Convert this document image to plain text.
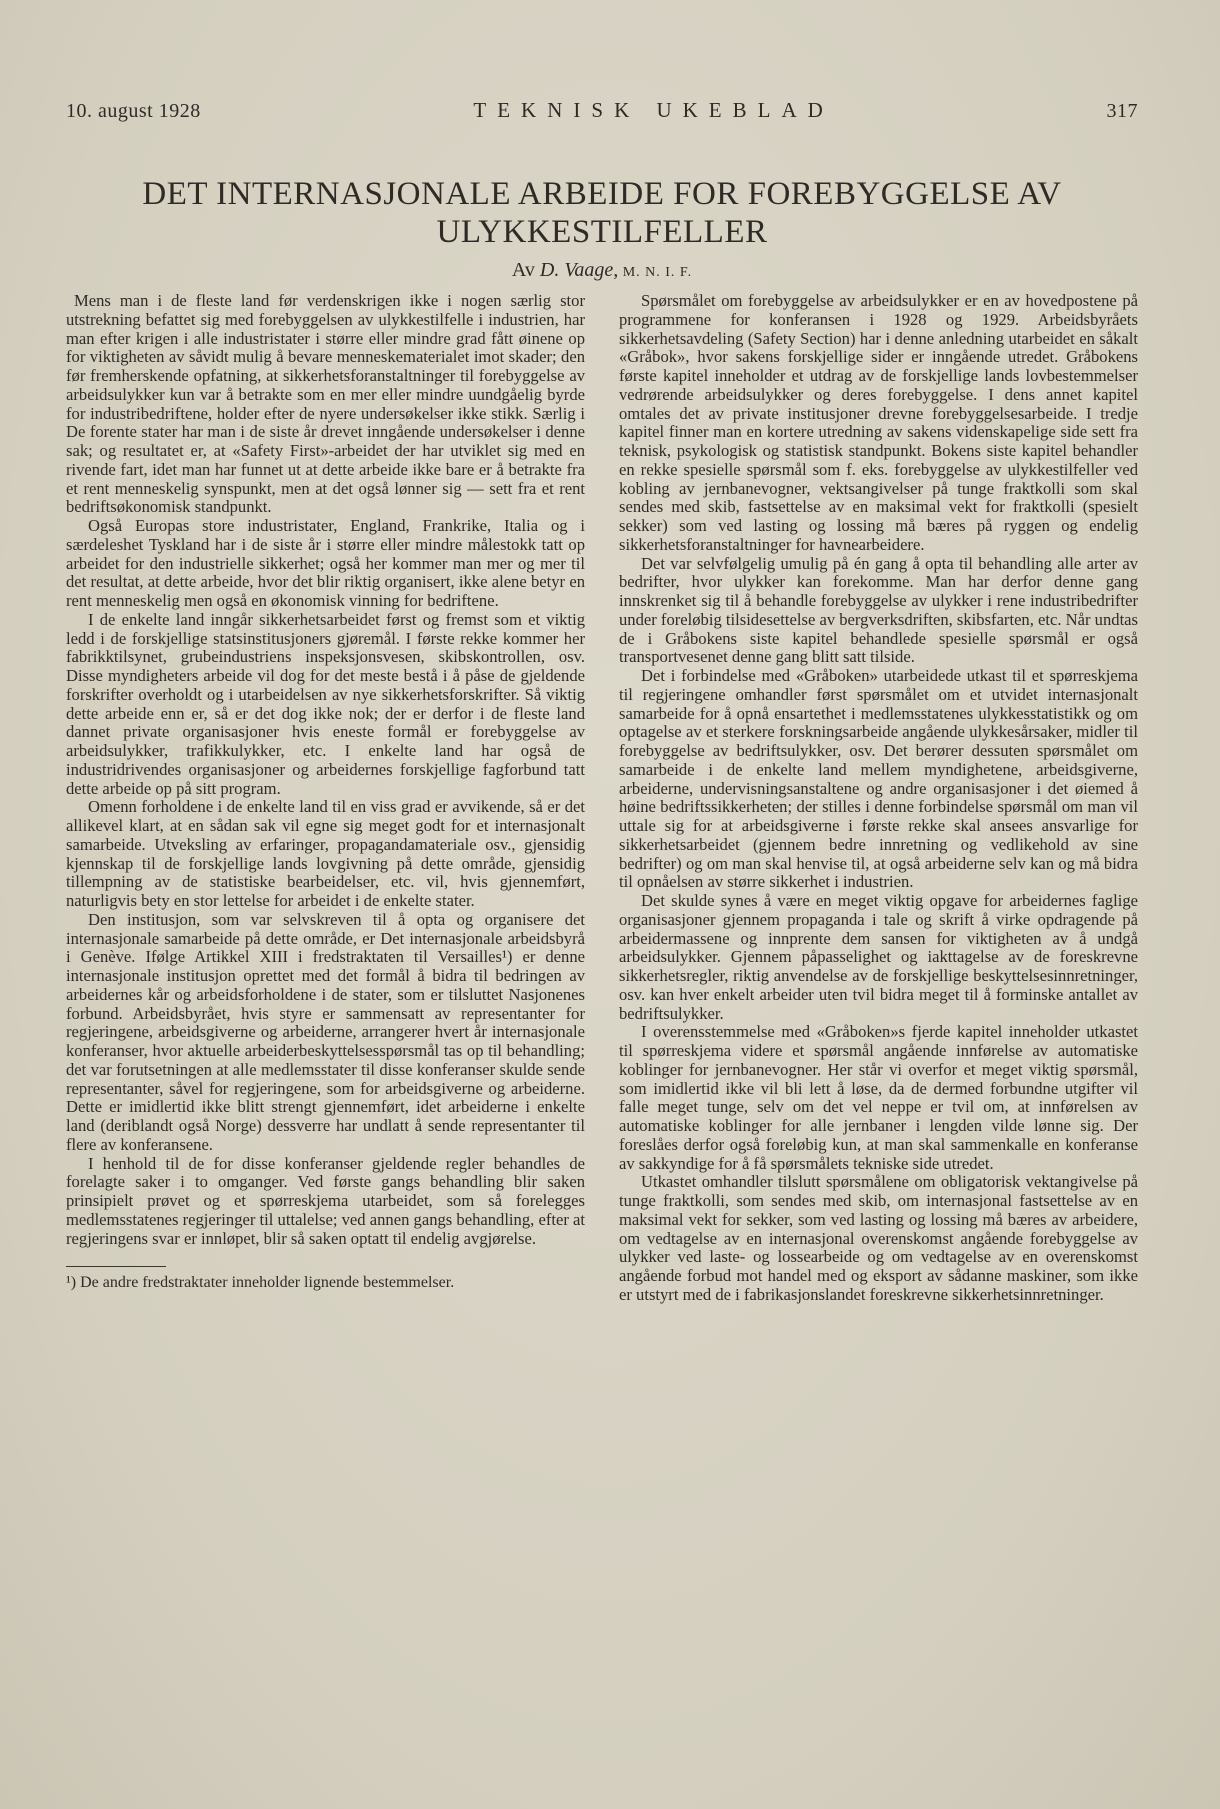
10. august 1928	TEKNISK UKEBLAD	317
DET INTERNASJONALE ARBEIDE FOR FOREBYGGELSE AV
ULYKKESTILFELLER
Av D. Vaage, M. N. I. F.

Mens man i de fleste land før verdenskrigen ikke i nogen særlig stor utstrekning befattet sig med forebyggelsen av ulykkestilfelle i industrien, har man efter krigen i alle industristater i større eller mindre grad fått øinene op for viktigheten av såvidt mulig å bevare menneskematerialet imot skader; den før fremherskende opfatning, at sikkerhetsforanstaltninger til forebyggelse av arbeidsulykker kun var å betrakte som en mer eller mindre uundgåelig byrde for industribedriftene, holder efter de nyere undersøkelser ikke stikk. Særlig i De forente stater har man i de siste år drevet inngående undersøkelser i denne sak; og resultatet er, at «Safety First»-arbeidet der har utviklet sig med en rivende fart, idet man har funnet ut at dette arbeide ikke bare er å betrakte fra et rent menneskelig synspunkt, men at det også lønner sig — sett fra et rent bedriftsøkonomisk standpunkt.

Også Europas store industristater, England, Frankrike, Italia og i særdeleshet Tyskland har i de siste år i større eller mindre målestokk tatt op arbeidet for den industrielle sikkerhet; også her kommer man mer og mer til det resultat, at dette arbeide, hvor det blir riktig organisert, ikke alene betyr en rent menneskelig men også en økonomisk vinning for bedriftene.

I de enkelte land inngår sikkerhetsarbeidet først og fremst som et viktig ledd i de forskjellige statsinstitusjoners gjøremål. I første rekke kommer her fabrikktilsynet, grubeindustriens inspeksjonsvesen, skibskontrollen, osv. Disse myndigheters arbeide vil dog for det meste bestå i å påse de gjeldende forskrifter overholdt og i utarbeidelsen av nye sikkerhetsforskrifter. Så viktig dette arbeide enn er, så er det dog ikke nok; der er derfor i de fleste land dannet private organisasjoner hvis eneste formål er forebyggelse av arbeidsulykker, trafikkulykker, etc. I enkelte land har også de industridrivendes organisasjoner og arbeidernes forskjellige fagforbund tatt dette arbeide op på sitt program.

Omenn forholdene i de enkelte land til en viss grad er avvikende, så er det allikevel klart, at en sådan sak vil egne sig meget godt for et internasjonalt samarbeide. Utveksling av erfaringer, propagandamateriale osv., gjensidig kjennskap til de forskjellige lands lovgivning på dette område, gjensidig tillempning av de statistiske bearbeidelser, etc. vil, hvis gjennemført, naturligvis bety en stor lettelse for arbeidet i de enkelte stater.

Den institusjon, som var selvskreven til å opta og organisere det internasjonale samarbeide på dette område, er Det internasjonale arbeidsbyrå i Genève. Ifølge Artikkel XIII i fredstraktaten til Versailles¹) er denne internasjonale institusjon oprettet med det formål å bidra til bedringen av arbeidernes kår og arbeidsforholdene i de stater, som er tilsluttet Nasjonenes forbund. Arbeidsbyrået, hvis styre er sammensatt av representanter for regjeringene, arbeidsgiverne og arbeiderne, arrangerer hvert år internasjonale konferanser, hvor aktuelle arbeiderbeskyttelsesspørsmål tas op til behandling; det var forutsetningen at alle medlemsstater til disse konferanser skulde sende representanter, såvel for regjeringene, som for arbeidsgiverne og arbeiderne. Dette er imidlertid ikke blitt strengt gjennemført, idet arbeiderne i enkelte land (deriblandt også Norge) dessverre har undlatt å sende representanter til flere av konferansene.

I henhold til de for disse konferanser gjeldende regler behandles de forelagte saker i to omganger. Ved første gangs behandling blir saken prinsipielt prøvet og et spørreskjema utarbeidet, som så forelegges medlemsstatenes regjeringer til uttalelse; ved annen gangs behandling, efter at regjeringens svar er innløpet, blir så saken optatt til endelig avgjørelse.

¹) De andre fredstraktater inneholder lignende bestemmelser.

Spørsmålet om forebyggelse av arbeidsulykker er en av hovedpostene på programmene for konferansen i 1928 og 1929. Arbeidsbyråets sikkerhetsavdeling (Safety Section) har i denne anledning utarbeidet en såkalt «Gråbok», hvor sakens forskjellige sider er inngående utredet. Gråbokens første kapitel inneholder et utdrag av de forskjellige lands lovbestemmelser vedrørende arbeidsulykker og deres forebyggelse. I dens annet kapitel omtales det av private institusjoner drevne forebyggelsesarbeide. I tredje kapitel finner man en kortere utredning av sakens videnskapelige side sett fra teknisk, psykologisk og statistisk standpunkt. Bokens siste kapitel behandler en rekke spesielle spørsmål som f. eks. forebyggelse av ulykkestilfeller ved kobling av jernbanevogner, vektsangivelser på tunge fraktkolli som skal sendes med skib, fastsettelse av en maksimal vekt for fraktkolli (spesielt sekker) som ved lasting og lossing må bæres på ryggen og endelig sikkerhetsforanstaltninger for havnearbeidere.

Det var selvfølgelig umulig på én gang å opta til behandling alle arter av bedrifter, hvor ulykker kan forekomme. Man har derfor denne gang innskrenket sig til å behandle forebyggelse av ulykker i rene industribedrifter under foreløbig tilsidesettelse av bergverksdriften, skibsfarten, etc. Når undtas de i Gråbokens siste kapitel behandlede spesielle spørsmål er også transportvesenet denne gang blitt satt tilside.

Det i forbindelse med «Gråboken» utarbeidede utkast til et spørreskjema til regjeringene omhandler først spørsmålet om et utvidet internasjonalt samarbeide for å opnå ensartethet i medlemsstatenes ulykkesstatistikk og om optagelse av et sterkere forskningsarbeide angående ulykkesårsaker, midler til forebyggelse av bedriftsulykker, osv. Det berører dessuten spørsmålet om samarbeide i de enkelte land mellem myndighetene, arbeidsgiverne, arbeiderne, undervisningsanstaltene og andre organisasjoner i det øiemed å høine bedriftssikkerheten; der stilles i denne forbindelse spørsmål om man vil uttale sig for at arbeidsgiverne i første rekke skal ansees ansvarlige for sikkerhetsarbeidet (gjennem bedre innretning og vedlikehold av sine bedrifter) og om man skal henvise til, at også arbeiderne selv kan og må bidra til opnåelsen av større sikkerhet i industrien.

Det skulde synes å være en meget viktig opgave for arbeidernes faglige organisasjoner gjennem propaganda i tale og skrift å virke opdragende på arbeidermassene og innprente dem sansen for viktigheten av å undgå arbeidsulykker. Gjennem påpasselighet og iakttagelse av de foreskrevne sikkerhetsregler, riktig anvendelse av de forskjellige beskyttelsesinnretninger, osv. kan hver enkelt arbeider uten tvil bidra meget til å forminske antallet av bedriftsulykker.

I overensstemmelse med «Gråboken»s fjerde kapitel inneholder utkastet til spørreskjema videre et spørsmål angående innførelse av automatiske koblinger for jernbanevogner. Her står vi overfor et meget viktig spørsmål, som imidlertid ikke vil bli lett å løse, da de dermed forbundne utgifter vil falle meget tunge, selv om det vel neppe er tvil om, at innførelsen av automatiske koblinger for alle jernbaner i lengden vilde lønne sig. Der foreslåes derfor også foreløbig kun, at man skal sammenkalle en konferanse av sakkyndige for å få spørsmålets tekniske side utredet.

Utkastet omhandler tilslutt spørsmålene om obligatorisk vektangivelse på tunge fraktkolli, som sendes med skib, om internasjonal fastsettelse av en maksimal vekt for sekker, som ved lasting og lossing må bæres av arbeidere, om vedtagelse av en internasjonal overenskomst angående forebyggelse av ulykker ved laste- og lossearbeide og om vedtagelse av en overenskomst angående forbud mot handel med og eksport av sådanne maskiner, som ikke er utstyrt med de i fabrikasjonslandet foreskrevne sikkerhetsinnretninger.
